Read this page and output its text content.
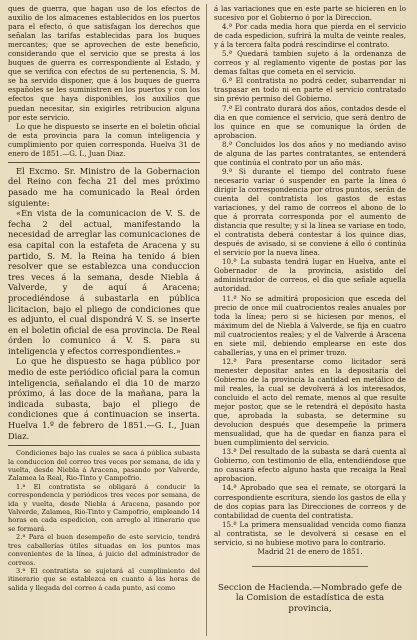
ques de guerra, que hagan uso de los efectos de auxilio de los almacenes establecidos en los puertos para el efecto, ó que satisfagan los derechos que señalan las tarifas establecidas para los buques mercantes; que se aprovechen de este beneficio, considerando que el servicio que se presta á los buques de guerra es correspondiente al Estado, y que se verifica con efectos de su pertenencia, S. M. se ha servido disponer, que á los buques de guerra españoles se les suministren en los puertos y con los efectos que haya disponibles, los auxilios que puedan necesitar, sin exigirles retribucion alguna por este servicio.

Lo que he dispuesto se inserte en el boletin oficial de esta provincia para la comun inteligencia y cumplimiento por quien corresponda. Huelva 31 de enero de 1851.—G. I., Juan Diaz.

El Excmo. Sr. Ministro de la Gobernacion del Reino con fecha 21 del mes próximo pasado me ha comunicado la Real órden siguiente:

«En vista de la comunicacion de V. S. de fecha 2 del actual, manifestando la necesidad de arreglar las comunicaciones de esa capital con la estafeta de Aracena y su partido, S. M. la Reina ha tenido á bien resolver que se establezca una conduccion tres veces á la semana, desde Niebla á Valverde, y de aquí á Aracena; procediéndose á subastarla en pública licitacion, bajo el pliego de condiciones que es adjunto, el cual dispondrá V. S. se inserte en el boletin oficial de esa provincia. De Real órden lo comunico á V. S. para su inteligencia y efectos correspondientes.»

Lo que he dispuesto se haga público por medio de este periódico oficial para la comun inteligencia, señalando el dia 10 de marzo próximo, á las doce de la mañana, para la indicada subasta, bajo el pliego de condiciones que á continuacion se inserta. Huelva 1.º de febrero de 1851.—G. I., Juan Diaz.

Condiciones bajo las cuales se saca á pública subasta la conduccion del correo tres veces por semana, de ida y vuelta, desde Niebla á Aracena, pasando por Valverde, Zalamea la Real, Rio-Tinto y Campofrio.

1.ª El contratista se obligará á conducir la correspondencia y periódicos tres veces por semana, de ida y vuelta, desde Niebla á Aracena, pasando por Valverde, Zalamea, Rio-Tinto y Campofrio, empleando 14 horas en cada espedicion, con arreglo al itinerario que se formará.

2.ª Para el buen desempeño de este servicio, tendrá tres caballerías útiles situadas en los puntos mas convenientes de la línea, á juicio del administrador de correos.

3.ª El contratista se sujetará al cumplimiento del itinerario que se establezca en cuanto á las horas de salida y llegada del correo á cada punto, así como

á las variaciones que en este parte se hicieren en lo sucesivo por el Gobierno ó por la Direccion.

4.ª Por cada media hora que pierda en el servicio de cada espedicion, sufrirá la multa de veinte reales, y á la tercera falta podrá rescindirse el contrato.

5.ª Quedará tambien sujeto á la ordenanza de correos y al reglamento vigente de postas por las demas faltas que cometa en el servicio.

6.ª El contratista no podrá ceder, subarrendar ni traspasar en todo ni en parte el servicio contratado sin prévio permiso del Gobierno.

7.ª El contrato durará dos años, contados desde el dia en que comience el servicio, que será dentro de los quince en que se comunique la órden de aprobacion.

8.ª Concluidos los dos años y no mediando aviso de alguna de las partes contratantes, se entenderá que continúa el contrato por un año más.

9.ª Si durante el tiempo del contrato fuese necesario variar ó suspender en parte la línea ó dirigir la correspondencia por otros puntos, serán de cuenta del contratista los gastos de estas variaciones, y del ramo de correos el abono de lo que á prorrata corresponda por el aumento de distancia que resulte; y si la línea se variase en todo, el contratista deberá contestar á los quince dias, después de avisado, si se conviene á ello ó continúa el servicio por la nueva línea.

10.ª La subasta tendrá lugar en Huelva, ante el Gobernador de la provincia, asistido del administrador de correos, el dia que señale aquella autoridad.

11.ª No se admitirá proposicion que esceda del precio de once mil cuatrocientos reales anuales por toda la línea; pero si se hiciesen por menos, el máximum del de Niebla á Valverde, se fija en cuatro mil cuatrocientos reales; y el de Valverde á Aracena en siete mil, debiendo emplearse en este dos caballerías, y una en el primer trozo.

12.ª Para presentarse como licitador será menester depositar antes en la depositaría del Gobierno de la provincia la cantidad en metálico de mil reales, la cual se devolverá á los interesados, concluido el acto del remate, menos al que resulte mejor postor, que se le retendrá el depósito hasta que, aprobada la subasta, se determine su devolucion después que desempeñe la primera mensualidad, que ha de quedar en fianza para el buen cumplimiento del servicio.

13.ª Del resultado de la subasta se dará cuenta al Gobierno, con testimonio de ella, entendiéndose que no causará efecto alguno hasta que recaiga la Real aprobacion.

14.ª Aprobado que sea el remate, se otorgará la correspondiente escritura, siendo los gastos de ella y de dos copias para las Direcciones de correos y de contabilidad de cuenta del contratista.

15.ª La primera mensualidad vencida como fianza al contratista, se le devolverá si cesase en el servicio, si no hubiese motivo para lo contrario.

Madrid 21 de enero de 1851.

Seccion de Hacienda.—Nombrado gefe de la Comision de estadística de esta provincia,
